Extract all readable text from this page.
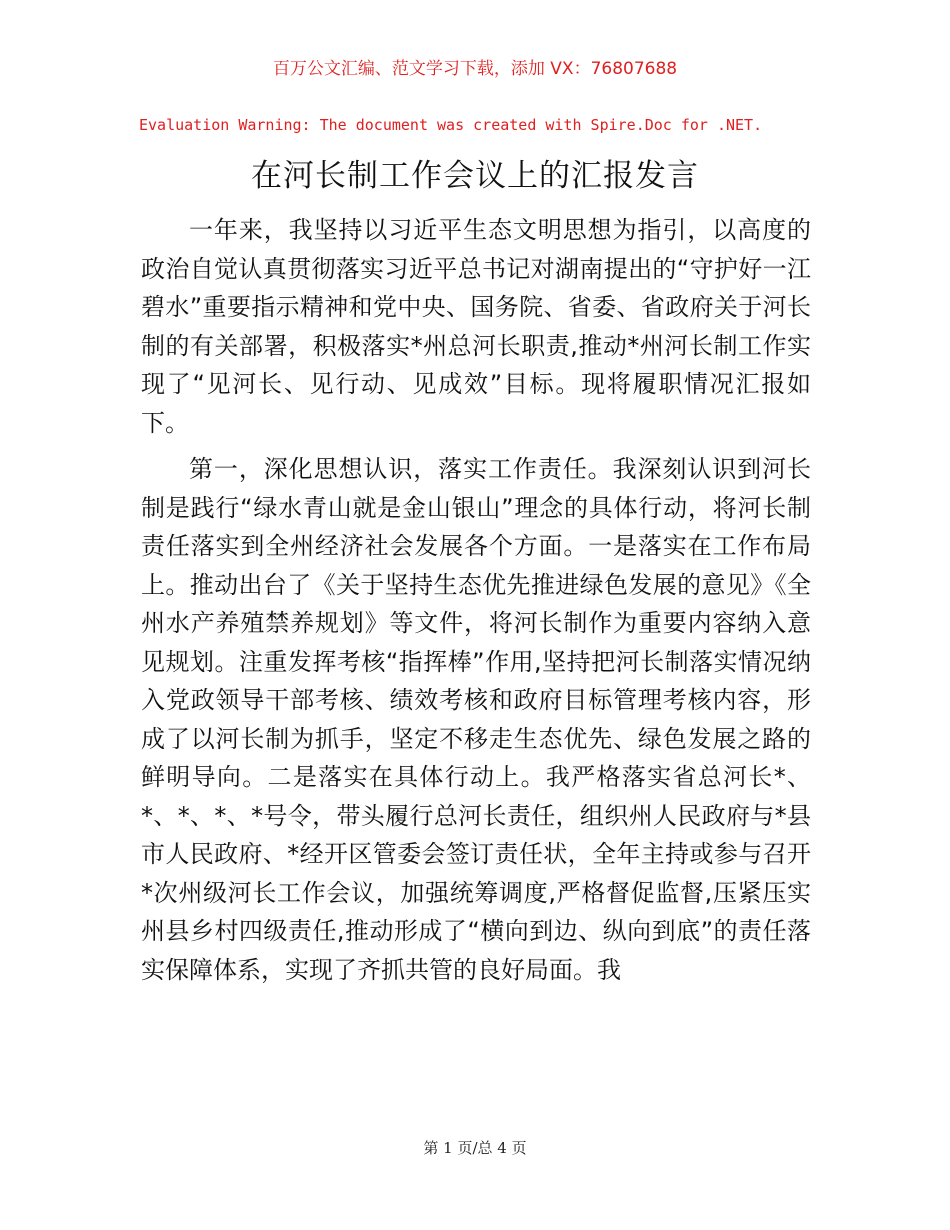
百万公文汇编、范文学习下载，添加 VX：76807688
Evaluation Warning: The document was created with Spire.Doc for .NET.
在河长制工作会议上的汇报发言

一年来，我坚持以习近平生态文明思想为指引，以高度的政治自觉认真贯彻落实习近平总书记对湖南提出的“守护好一江碧水”重要指示精神和党中央、国务院、省委、省政府关于河长制的有关部署，积极落实*州总河长职责,推动*州河长制工作实现了“见河长、见行动、见成效”目标。现将履职情况汇报如下。

第一，深化思想认识，落实工作责任。我深刻认识到河长制是践行“绿水青山就是金山银山”理念的具体行动，将河长制责任落实到全州经济社会发展各个方面。一是落实在工作布局上。推动出台了《关于坚持生态优先推进绿色发展的意见》《全州水产养殖禁养规划》等文件，将河长制作为重要内容纳入意见规划。注重发挥考核“指挥棒”作用,坚持把河长制落实情况纳入党政领导干部考核、绩效考核和政府目标管理考核内容，形成了以河长制为抓手，坚定不移走生态优先、绿色发展之路的鲜明导向。二是落实在具体行动上。我严格落实省总河长*、*、*、*、*号令，带头履行总河长责任，组织州人民政府与*县市人民政府、*经开区管委会签订责任状，全年主持或参与召开*次州级河长工作会议，加强统筹调度,严格督促监督,压紧压实州县乡村四级责任,推动形成了“横向到边、纵向到底”的责任落实保障体系，实现了齐抓共管的良好局面。我

第 1 页/总 4 页
